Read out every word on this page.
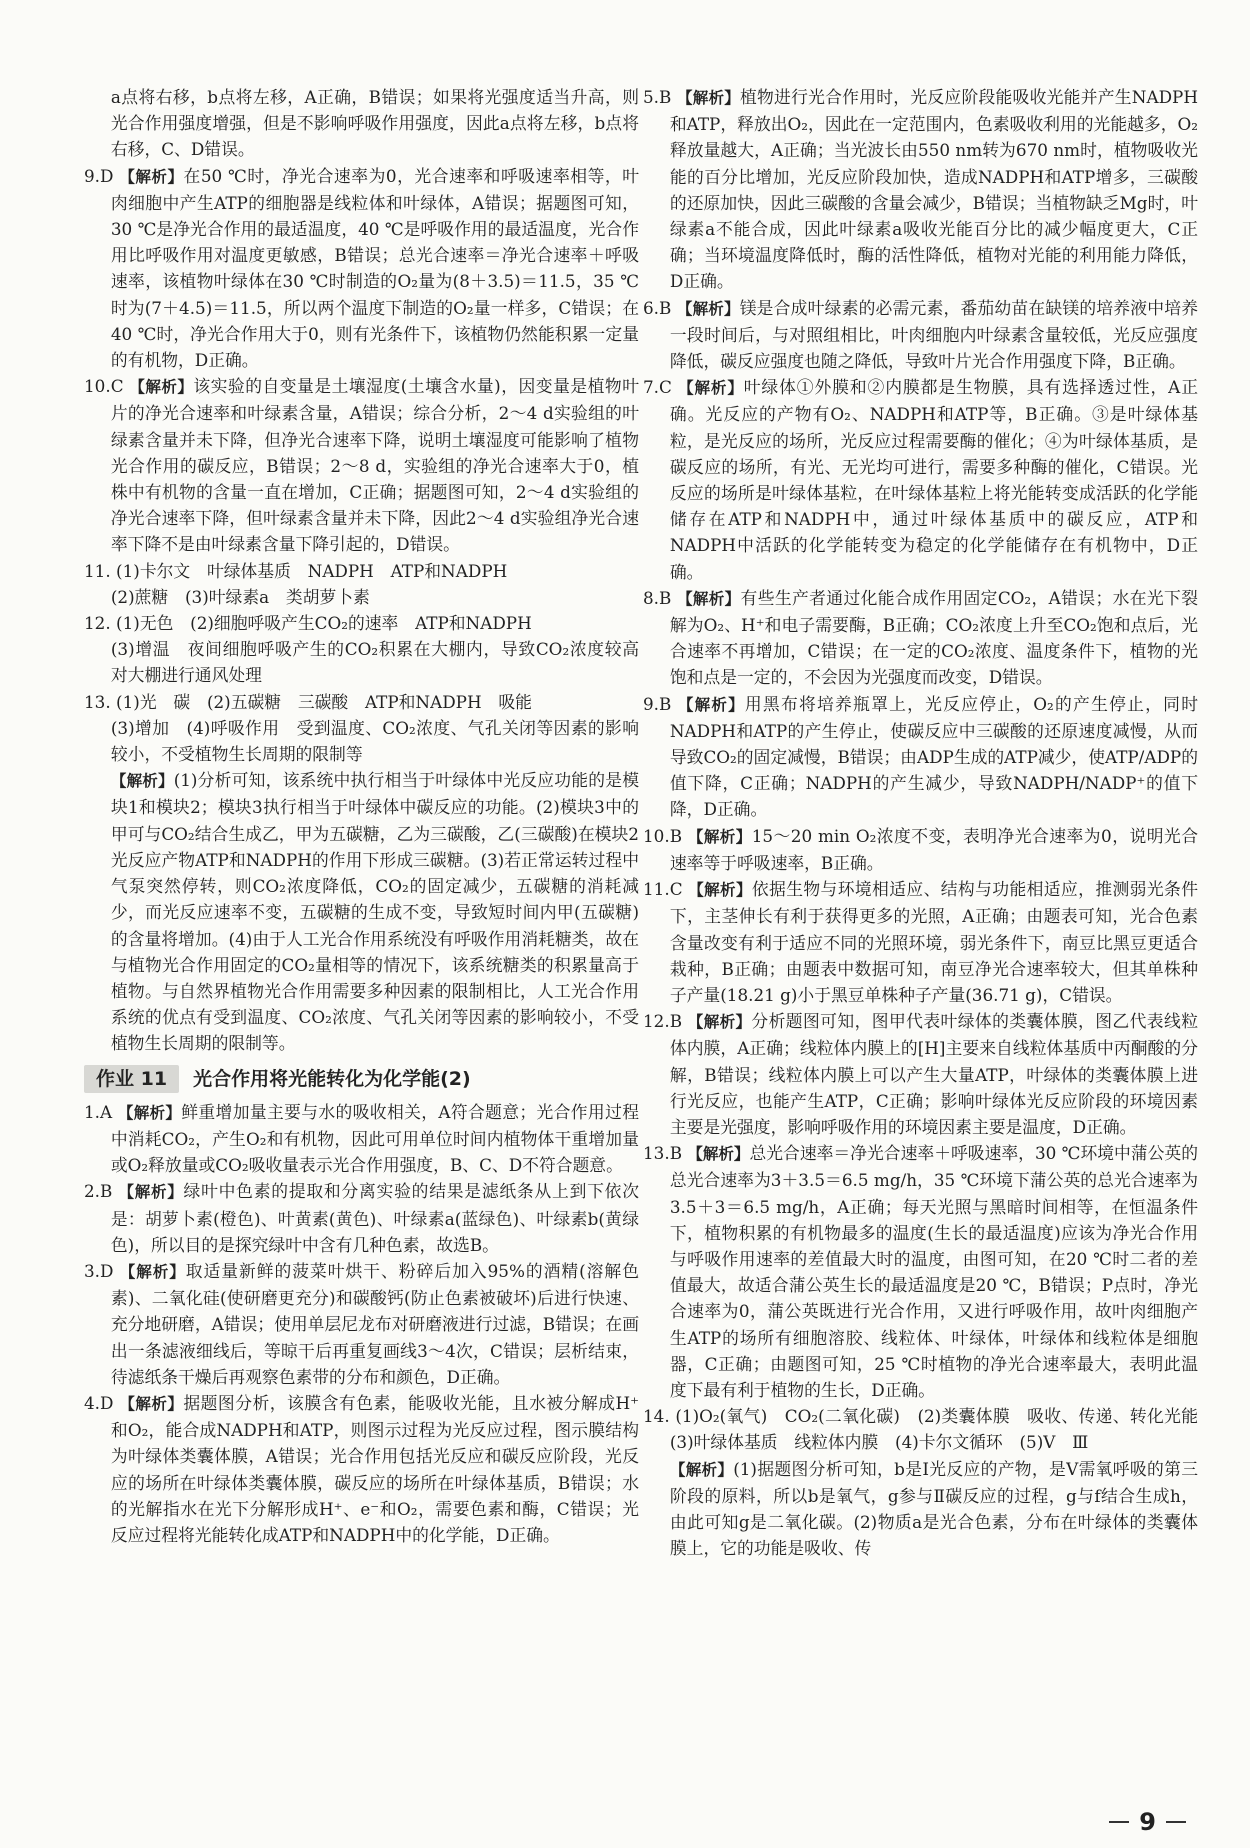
a点将右移，b点将左移，A正确，B错误；如果将光强度适当升高，则光合作用强度增强，但是不影响呼吸作用强度，因此a点将左移，b点将右移，C、D错误。

9.D 【解析】在50 ℃时，净光合速率为0，光合速率和呼吸速率相等，叶肉细胞中产生ATP的细胞器是线粒体和叶绿体，A错误；据题图可知，30 ℃是净光合作用的最适温度，40 ℃是呼吸作用的最适温度，光合作用比呼吸作用对温度更敏感，B错误；总光合速率＝净光合速率＋呼吸速率，该植物叶绿体在30 ℃时制造的O₂量为(8＋3.5)＝11.5，35 ℃时为(7＋4.5)＝11.5，所以两个温度下制造的O₂量一样多，C错误；在40 ℃时，净光合作用大于0，则有光条件下，该植物仍然能积累一定量的有机物，D正确。

10.C 【解析】该实验的自变量是土壤湿度(土壤含水量)，因变量是植物叶片的净光合速率和叶绿素含量，A错误；综合分析，2～4 d实验组的叶绿素含量并未下降，但净光合速率下降，说明土壤湿度可能影响了植物光合作用的碳反应，B错误；2～8 d，实验组的净光合速率大于0，植株中有机物的含量一直在增加，C正确；据题图可知，2～4 d实验组的净光合速率下降，但叶绿素含量并未下降，因此2～4 d实验组净光合速率下降不是由叶绿素含量下降引起的，D错误。

11. (1)卡尔文　叶绿体基质　NADPH　ATP和NADPH

(2)蔗糖　(3)叶绿素a　类胡萝卜素

12. (1)无色　(2)细胞呼吸产生CO₂的速率　ATP和NADPH

(3)增温　夜间细胞呼吸产生的CO₂积累在大棚内，导致CO₂浓度较高　对大棚进行通风处理

13. (1)光　碳　(2)五碳糖　三碳酸　ATP和NADPH　吸能

(3)增加　(4)呼吸作用　受到温度、CO₂浓度、气孔关闭等因素的影响较小，不受植物生长周期的限制等

【解析】(1)分析可知，该系统中执行相当于叶绿体中光反应功能的是模块1和模块2；模块3执行相当于叶绿体中碳反应的功能。(2)模块3中的甲可与CO₂结合生成乙，甲为五碳糖，乙为三碳酸，乙(三碳酸)在模块2光反应产物ATP和NADPH的作用下形成三碳糖。(3)若正常运转过程中气泵突然停转，则CO₂浓度降低，CO₂的固定减少，五碳糖的消耗减少，而光反应速率不变，五碳糖的生成不变，导致短时间内甲(五碳糖)的含量将增加。(4)由于人工光合作用系统没有呼吸作用消耗糖类，故在与植物光合作用固定的CO₂量相等的情况下，该系统糖类的积累量高于植物。与自然界植物光合作用需要多种因素的限制相比，人工光合作用系统的优点有受到温度、CO₂浓度、气孔关闭等因素的影响较小，不受植物生长周期的限制等。

作业 11	光合作用将光能转化为化学能(2)

1.A 【解析】鲜重增加量主要与水的吸收相关，A符合题意；光合作用过程中消耗CO₂，产生O₂和有机物，因此可用单位时间内植物体干重增加量或O₂释放量或CO₂吸收量表示光合作用强度，B、C、D不符合题意。

2.B 【解析】绿叶中色素的提取和分离实验的结果是滤纸条从上到下依次是：胡萝卜素(橙色)、叶黄素(黄色)、叶绿素a(蓝绿色)、叶绿素b(黄绿色)，所以目的是探究绿叶中含有几种色素，故选B。

3.D 【解析】取适量新鲜的菠菜叶烘干、粉碎后加入95%的酒精(溶解色素)、二氧化硅(使研磨更充分)和碳酸钙(防止色素被破坏)后进行快速、充分地研磨，A错误；使用单层尼龙布对研磨液进行过滤，B错误；在画出一条滤液细线后，等晾干后再重复画线3～4次，C错误；层析结束，待滤纸条干燥后再观察色素带的分布和颜色，D正确。

4.D 【解析】据题图分析，该膜含有色素，能吸收光能，且水被分解成H⁺和O₂，能合成NADPH和ATP，则图示过程为光反应过程，图示膜结构为叶绿体类囊体膜，A错误；光合作用包括光反应和碳反应阶段，光反应的场所在叶绿体类囊体膜，碳反应的场所在叶绿体基质，B错误；水的光解指水在光下分解形成H⁺、e⁻和O₂，需要色素和酶，C错误；光反应过程将光能转化成ATP和NADPH中的化学能，D正确。

5.B 【解析】植物进行光合作用时，光反应阶段能吸收光能并产生NADPH和ATP，释放出O₂，因此在一定范围内，色素吸收利用的光能越多，O₂释放量越大，A正确；当光波长由550 nm转为670 nm时，植物吸收光能的百分比增加，光反应阶段加快，造成NADPH和ATP增多，三碳酸的还原加快，因此三碳酸的含量会减少，B错误；当植物缺乏Mg时，叶绿素a不能合成，因此叶绿素a吸收光能百分比的减少幅度更大，C正确；当环境温度降低时，酶的活性降低，植物对光能的利用能力降低，D正确。

6.B 【解析】镁是合成叶绿素的必需元素，番茄幼苗在缺镁的培养液中培养一段时间后，与对照组相比，叶肉细胞内叶绿素含量较低，光反应强度降低，碳反应强度也随之降低，导致叶片光合作用强度下降，B正确。

7.C 【解析】叶绿体①外膜和②内膜都是生物膜，具有选择透过性，A正确。光反应的产物有O₂、NADPH和ATP等，B正确。③是叶绿体基粒，是光反应的场所，光反应过程需要酶的催化；④为叶绿体基质，是碳反应的场所，有光、无光均可进行，需要多种酶的催化，C错误。光反应的场所是叶绿体基粒，在叶绿体基粒上将光能转变成活跃的化学能储存在ATP和NADPH中，通过叶绿体基质中的碳反应，ATP和NADPH中活跃的化学能转变为稳定的化学能储存在有机物中，D正确。

8.B 【解析】有些生产者通过化能合成作用固定CO₂，A错误；水在光下裂解为O₂、H⁺和电子需要酶，B正确；CO₂浓度上升至CO₂饱和点后，光合速率不再增加，C错误；在一定的CO₂浓度、温度条件下，植物的光饱和点是一定的，不会因为光强度而改变，D错误。

9.B 【解析】用黑布将培养瓶罩上，光反应停止，O₂的产生停止，同时NADPH和ATP的产生停止，使碳反应中三碳酸的还原速度减慢，从而导致CO₂的固定减慢，B错误；由ADP生成的ATP减少，使ATP/ADP的值下降，C正确；NADPH的产生减少，导致NADPH/NADP⁺的值下降，D正确。

10.B 【解析】15～20 min O₂浓度不变，表明净光合速率为0，说明光合速率等于呼吸速率，B正确。

11.C 【解析】依据生物与环境相适应、结构与功能相适应，推测弱光条件下，主茎伸长有利于获得更多的光照，A正确；由题表可知，光合色素含量改变有利于适应不同的光照环境，弱光条件下，南豆比黑豆更适合栽种，B正确；由题表中数据可知，南豆净光合速率较大，但其单株种子产量(18.21 g)小于黑豆单株种子产量(36.71 g)，C错误。

12.B 【解析】分析题图可知，图甲代表叶绿体的类囊体膜，图乙代表线粒体内膜，A正确；线粒体内膜上的[H]主要来自线粒体基质中丙酮酸的分解，B错误；线粒体内膜上可以产生大量ATP，叶绿体的类囊体膜上进行光反应，也能产生ATP，C正确；影响叶绿体光反应阶段的环境因素主要是光强度，影响呼吸作用的环境因素主要是温度，D正确。

13.B 【解析】总光合速率＝净光合速率＋呼吸速率，30 ℃环境中蒲公英的总光合速率为3＋3.5＝6.5 mg/h，35 ℃环境下蒲公英的总光合速率为3.5＋3＝6.5 mg/h，A正确；每天光照与黑暗时间相等，在恒温条件下，植物积累的有机物最多的温度(生长的最适温度)应该为净光合作用与呼吸作用速率的差值最大时的温度，由图可知，在20 ℃时二者的差值最大，故适合蒲公英生长的最适温度是20 ℃，B错误；P点时，净光合速率为0，蒲公英既进行光合作用，又进行呼吸作用，故叶肉细胞产生ATP的场所有细胞溶胶、线粒体、叶绿体，叶绿体和线粒体是细胞器，C正确；由题图可知，25 ℃时植物的净光合速率最大，表明此温度下最有利于植物的生长，D正确。

14. (1)O₂(氧气)　CO₂(二氧化碳)　(2)类囊体膜　吸收、传递、转化光能　(3)叶绿体基质　线粒体内膜　(4)卡尔文循环　(5)Ⅴ　Ⅲ

【解析】(1)据题图分析可知，b是Ⅰ光反应的产物，是Ⅴ需氧呼吸的第三阶段的原料，所以b是氧气，g参与Ⅱ碳反应的过程，g与f结合生成h，由此可知g是二氧化碳。(2)物质a是光合色素，分布在叶绿体的类囊体膜上，它的功能是吸收、传

9
